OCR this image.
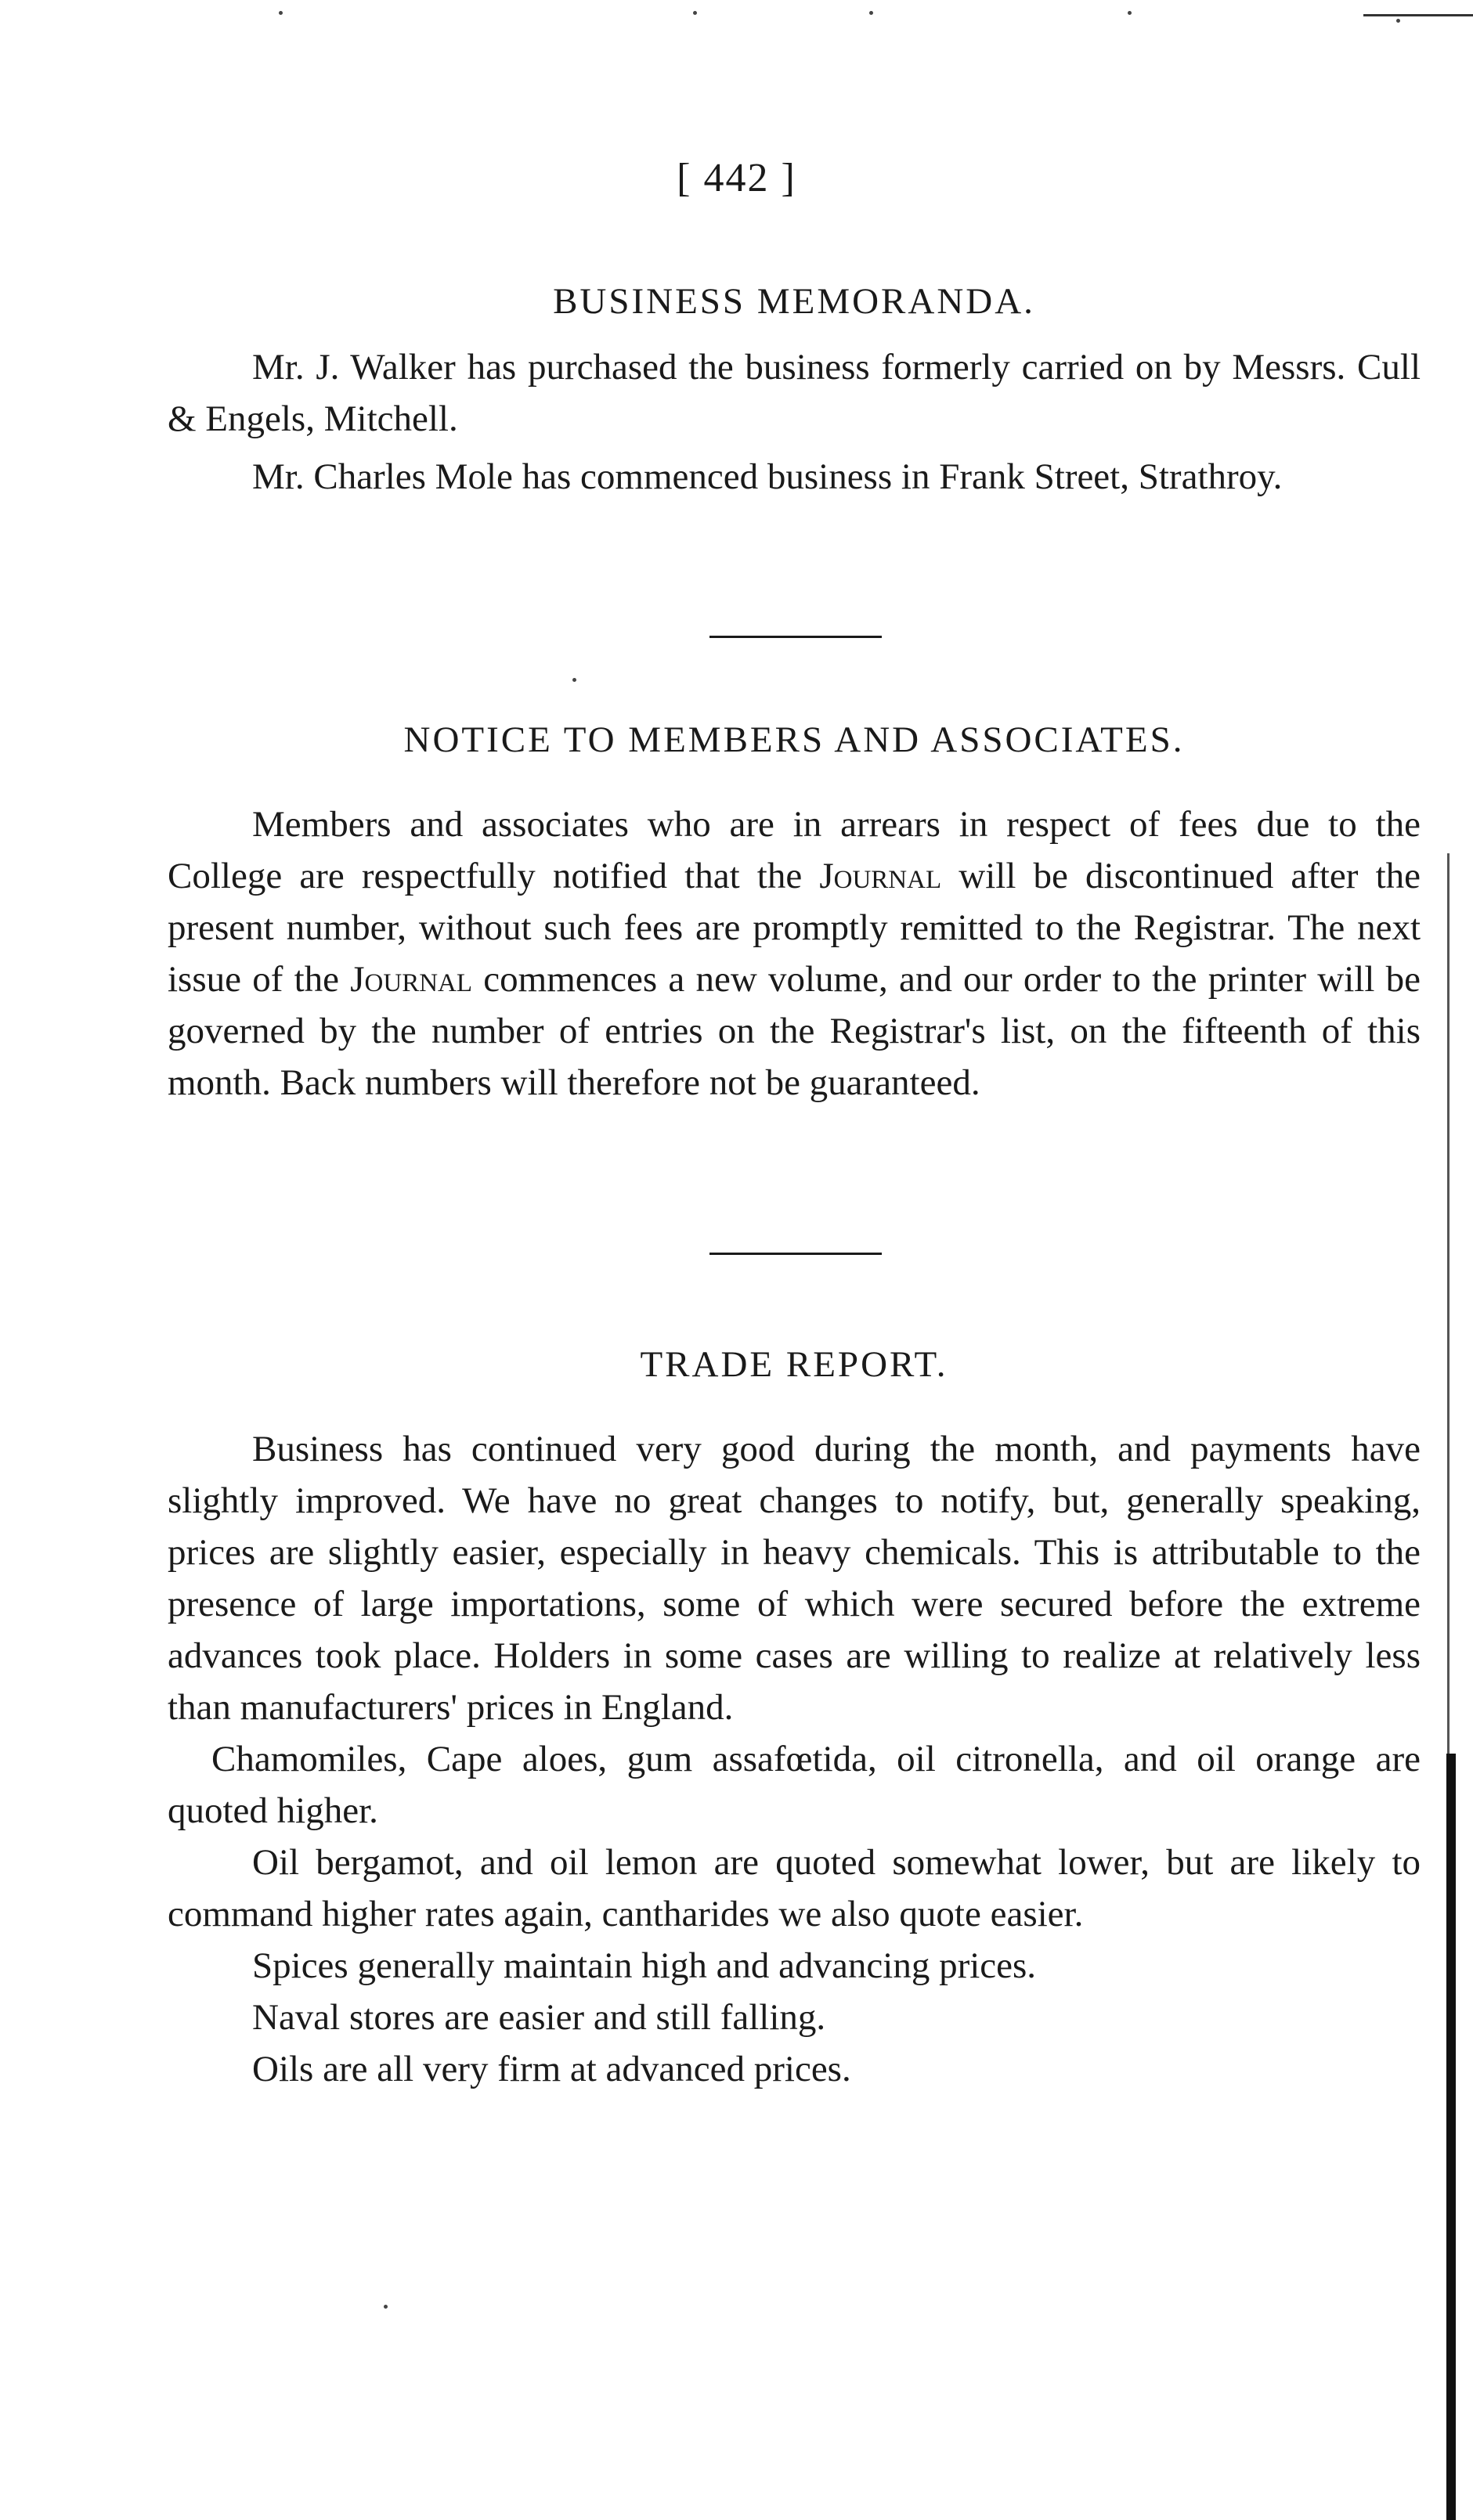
[ 442 ]
BUSINESS MEMORANDA.

Mr. J. Walker has purchased the business formerly carried on by Messrs. Cull & Engels, Mitchell.

Mr. Charles Mole has commenced business in Frank Street, Strathroy.

NOTICE TO MEMBERS AND ASSOCIATES.

Members and associates who are in arrears in respect of fees due to the College are respectfully notified that the Journal will be discontinued after the present number, without such fees are promptly remitted to the Registrar. The next issue of the Journal commences a new volume, and our order to the printer will be governed by the number of entries on the Registrar's list, on the fifteenth of this month. Back numbers will therefore not be guaranteed.

TRADE REPORT.

Business has continued very good during the month, and payments have slightly improved. We have no great changes to notify, but, generally speaking, prices are slightly easier, especially in heavy chemicals. This is attributable to the presence of large importations, some of which were secured before the extreme advances took place. Holders in some cases are willing to realize at relatively less than manufacturers' prices in England.

Chamomiles, Cape aloes, gum assafœtida, oil citronella, and oil orange are quoted higher.

Oil bergamot, and oil lemon are quoted somewhat lower, but are likely to command higher rates again, cantharides we also quote easier.

Spices generally maintain high and advancing prices.

Naval stores are easier and still falling.

Oils are all very firm at advanced prices.
